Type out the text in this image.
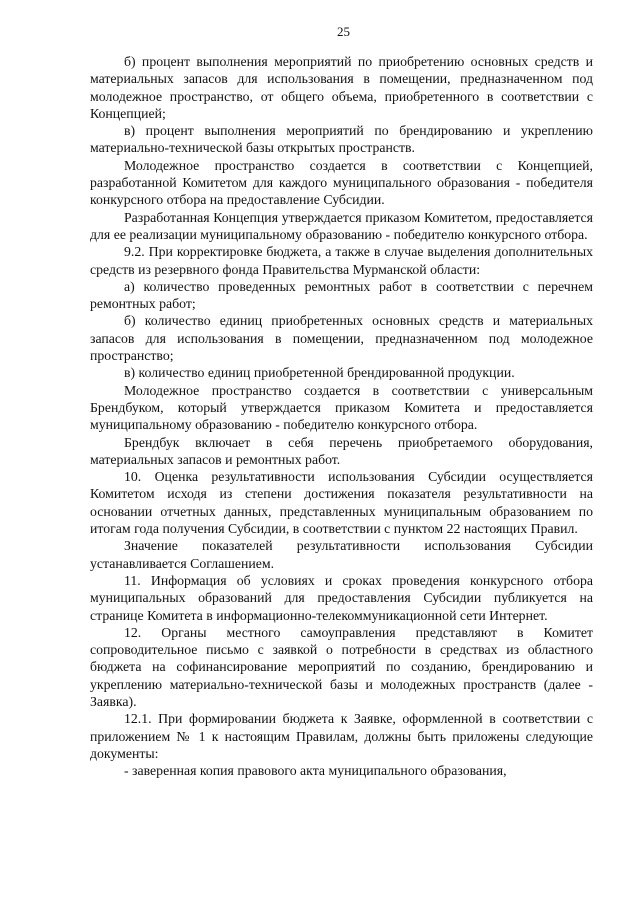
25

б) процент выполнения мероприятий по приобретению основных средств и материальных запасов для использования в помещении, предназначенном под молодежное пространство, от общего объема, приобретенного в соответствии с Концепцией;

в) процент выполнения мероприятий по брендированию и укреплению материально-технической базы открытых пространств.

Молодежное пространство создается в соответствии с Концепцией, разработанной Комитетом для каждого муниципального образования - победителя конкурсного отбора на предоставление Субсидии.

Разработанная Концепция утверждается приказом Комитетом, предоставляется для ее реализации муниципальному образованию - победителю конкурсного отбора.

9.2. При корректировке бюджета, а также в случае выделения дополнительных средств из резервного фонда Правительства Мурманской области:

а) количество проведенных ремонтных работ в соответствии с перечнем ремонтных работ;

б) количество единиц приобретенных основных средств и материальных запасов для использования в помещении, предназначенном под молодежное пространство;

в) количество единиц приобретенной брендированной продукции.

Молодежное пространство создается в соответствии с универсальным Брендбуком, который утверждается приказом Комитета и предоставляется муниципальному образованию - победителю конкурсного отбора.

Брендбук включает в себя перечень приобретаемого оборудования, материальных запасов и ремонтных работ.

10. Оценка результативности использования Субсидии осуществляется Комитетом исходя из степени достижения показателя результативности на основании отчетных данных, представленных муниципальным образованием по итогам года получения Субсидии, в соответствии с пунктом 22 настоящих Правил.

Значение показателей результативности использования Субсидии устанавливается Соглашением.

11. Информация об условиях и сроках проведения конкурсного отбора муниципальных образований для предоставления Субсидии публикуется на странице Комитета в информационно-телекоммуникационной сети Интернет.

12. Органы местного самоуправления представляют в Комитет сопроводительное письмо с заявкой о потребности в средствах из областного бюджета на софинансирование мероприятий по созданию, брендированию и укреплению материально-технической базы и молодежных пространств (далее - Заявка).

12.1. При формировании бюджета к Заявке, оформленной в соответствии с приложением № 1 к настоящим Правилам, должны быть приложены следующие документы:

- заверенная копия правового акта муниципального образования,
